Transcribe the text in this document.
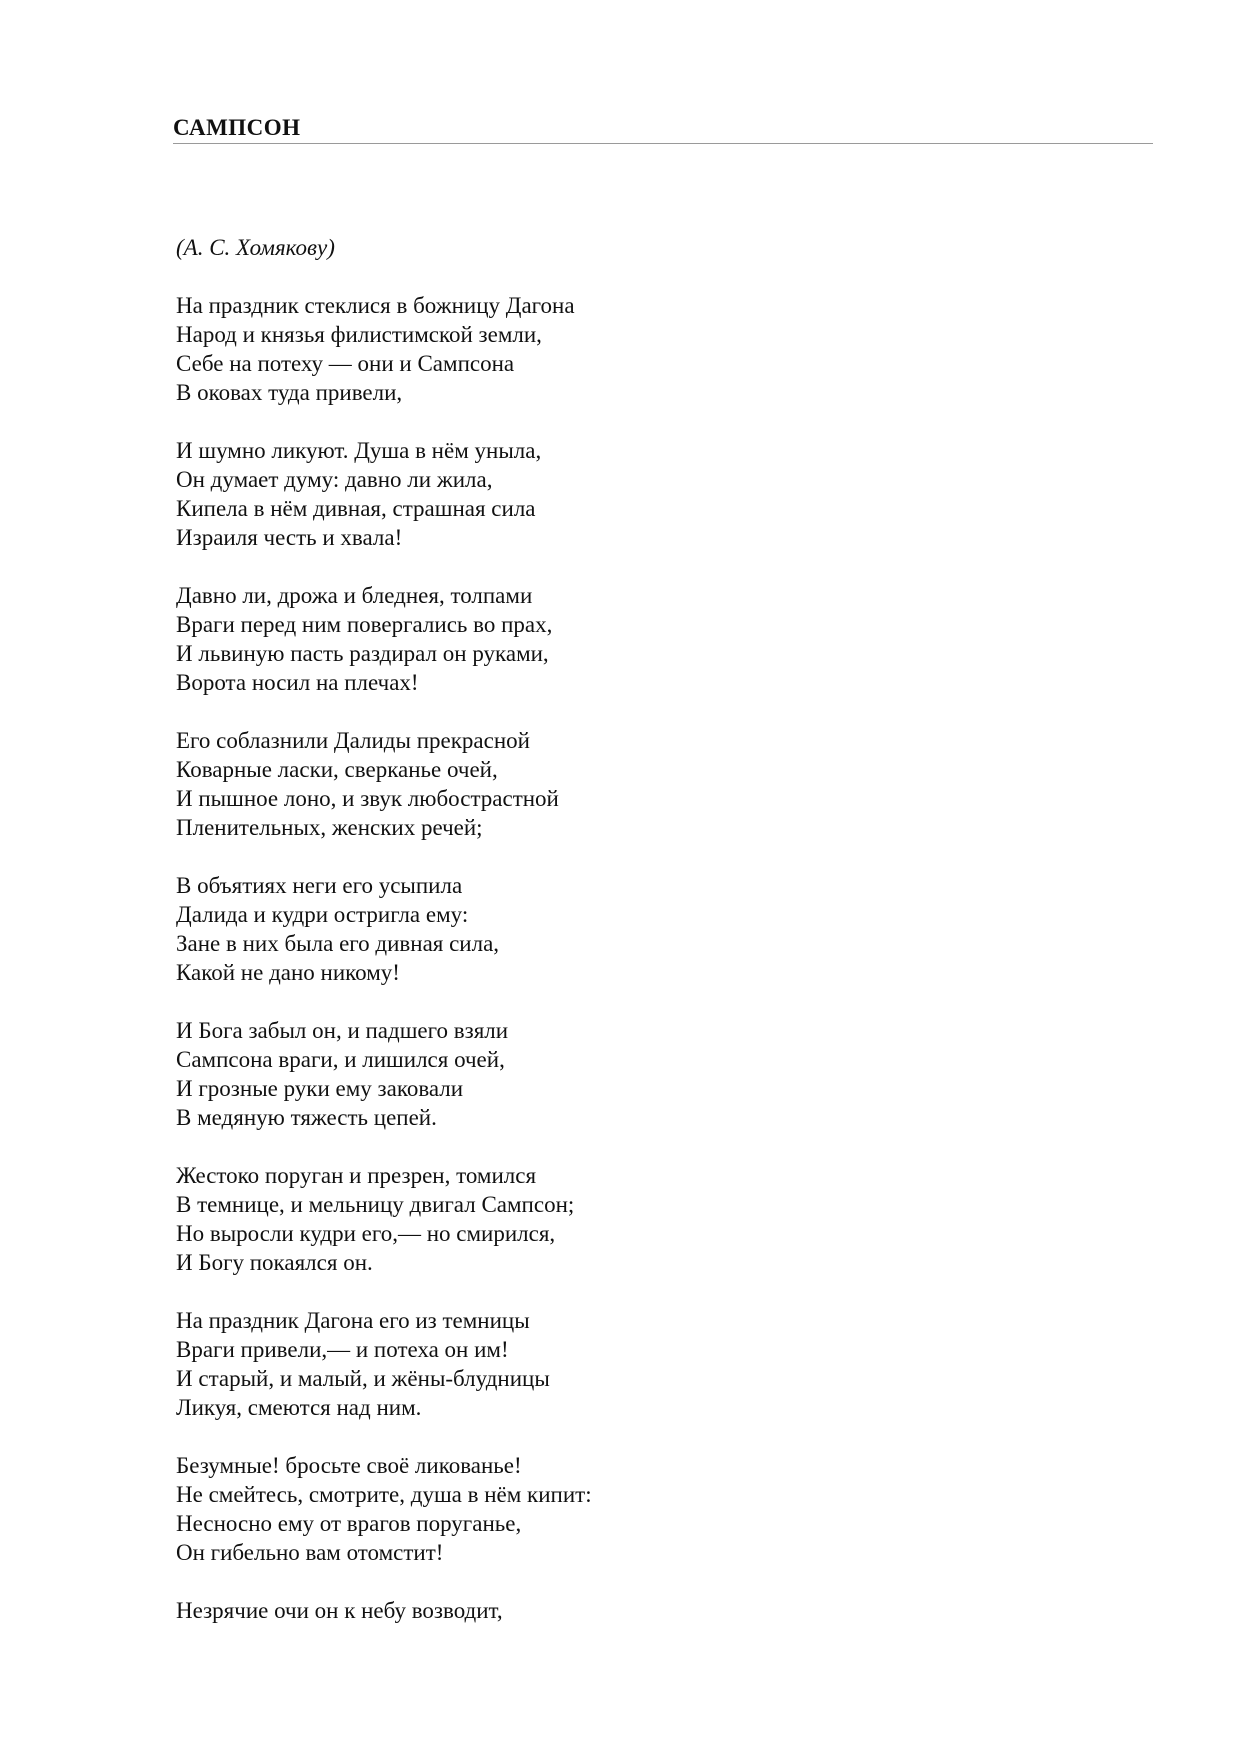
САМПСОН

(А. С. Хомякову)

На праздник стеклися в божницу Дагона
Народ и князья филистимской земли,
Себе на потеху — они и Сампсона
В оковах туда привели,
И шумно ликуют. Душа в нём уныла,
Он думает думу: давно ли жила,
Кипела в нём дивная, страшная сила
Израиля честь и хвала!
Давно ли, дрожа и бледнея, толпами
Враги перед ним повергались во прах,
И львиную пасть раздирал он руками,
Ворота носил на плечах!
Его соблазнили Далиды прекрасной
Коварные ласки, сверканье очей,
И пышное лоно, и звук любострастной
Пленительных, женских речей;
В объятиях неги его усыпила
Далида и кудри остригла ему:
Зане в них была его дивная сила,
Какой не дано никому!
И Бога забыл он, и падшего взяли
Сампсона враги, и лишился очей,
И грозные руки ему заковали
В медяную тяжесть цепей.
Жестоко поруган и презрен, томился
В темнице, и мельницу двигал Сампсон;
Но выросли кудри его,— но смирился,
И Богу покаялся он.
На праздник Дагона его из темницы
Враги привели,— и потеха он им!
И старый, и малый, и жёны-блудницы
Ликуя, смеются над ним.
Безумные! бросьте своё ликованье!
Не смейтесь, смотрите, душа в нём кипит:
Несносно ему от врагов поруганье,
Он гибельно вам отомстит!
Незрячие очи он к небу возводит,
